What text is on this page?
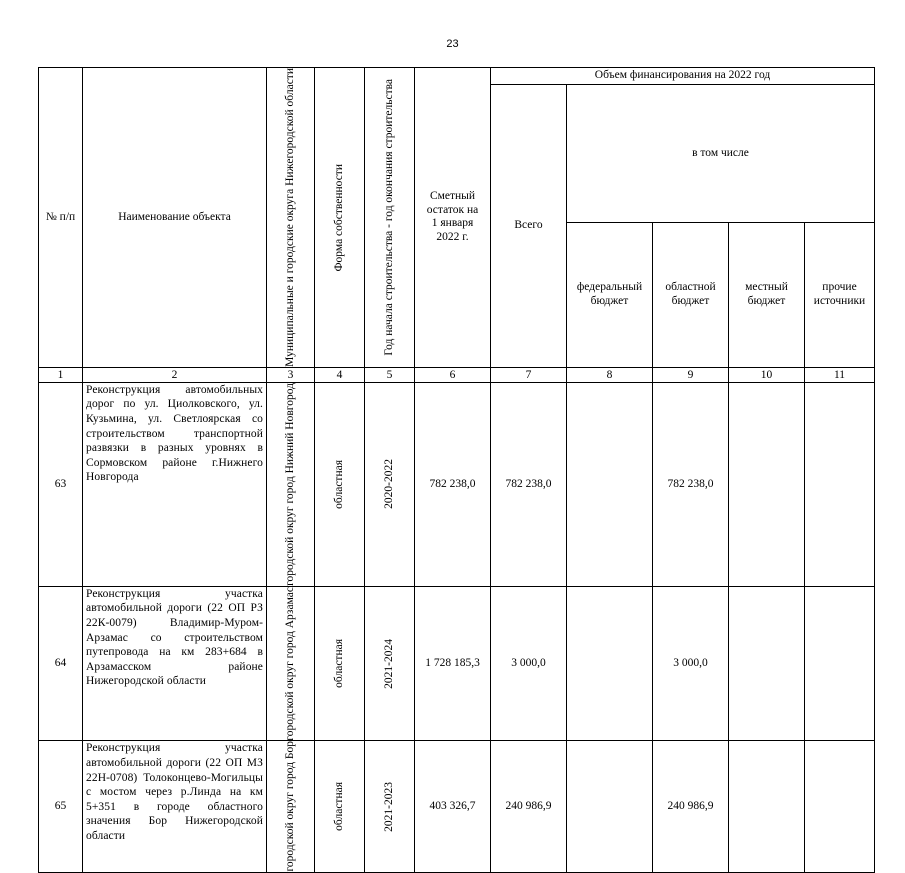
23
№ п/п	Наименование объекта	Муниципальные и городские округа Нижегородской области	Форма собственности	Год начала строительства - год окончания строительства	Сметный остаток на 1 января 2022 г.	Объем финансирования на 2022 год				
						Всего	в том числе			
							федеральный бюджет	областной бюджет	местный бюджет	прочие источники
1	2	3	4	5	6	7	8	9	10	11
63	Реконструкция автомобильных дорог по ул. Циолковского, ул. Кузьмина, ул. Светлоярская со строительством транспортной развязки в разных уровнях в Сормовском районе г.Нижнего Новгорода	городской округ город Нижний Новгород	областная	2020-2022	782 238,0	782 238,0		782 238,0		
64	Реконструкция участка автомобильной дороги (22 ОП РЗ 22К-0079) Владимир-Муром-Арзамас со строительством путепровода на км 283+684 в Арзамасском районе Нижегородской области	городской округ город Арзамас	областная	2021-2024	1 728 185,3	3 000,0		3 000,0		
65	Реконструкция участка автомобильной дороги (22 ОП МЗ 22Н-0708) Толоконцево-Могильцы с мостом через р.Линда на км 5+351 в городе областного значения Бор Нижегородской области	городской округ город Бор	областная	2021-2023	403 326,7	240 986,9		240 986,9		
